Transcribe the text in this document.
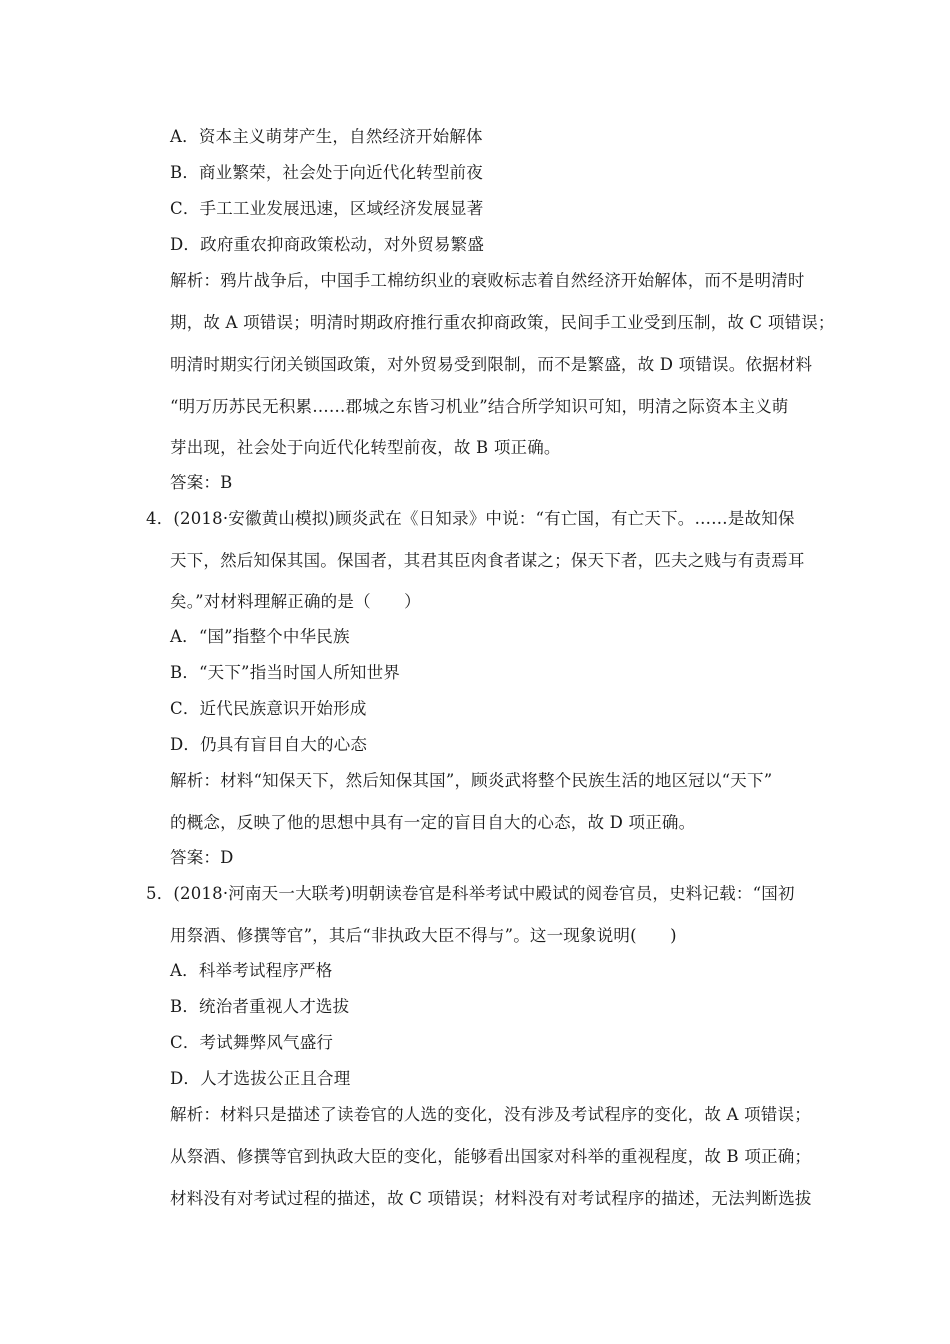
A．资本主义萌芽产生，自然经济开始解体
B．商业繁荣，社会处于向近代化转型前夜
C．手工工业发展迅速，区域经济发展显著
D．政府重农抑商政策松动，对外贸易繁盛
解析：鸦片战争后，中国手工棉纺织业的衰败标志着自然经济开始解体，而不是明清时
期，故 A 项错误；明清时期政府推行重农抑商政策，民间手工业受到压制，故 C 项错误；
明清时期实行闭关锁国政策，对外贸易受到限制，而不是繁盛，故 D 项错误。依据材料
“明万历苏民无积累……郡城之东皆习机业”结合所学知识可知，明清之际资本主义萌
芽出现，社会处于向近代化转型前夜，故 B 项正确。
答案：B
4．(2018·安徽黄山模拟)顾炎武在《日知录》中说：“有亡国，有亡天下。……是故知保
天下，然后知保其国。保国者，其君其臣肉食者谋之；保天下者，匹夫之贱与有责焉耳
矣。”对材料理解正确的是（　　）
A．“国”指整个中华民族
B．“天下”指当时国人所知世界
C．近代民族意识开始形成
D．仍具有盲目自大的心态
解析：材料“知保天下，然后知保其国”，顾炎武将整个民族生活的地区冠以“天下”
的概念，反映了他的思想中具有一定的盲目自大的心态，故 D 项正确。
答案：D
5．(2018·河南天一大联考)明朝读卷官是科举考试中殿试的阅卷官员，史料记载：“国初
用祭酒、修撰等官”，其后“非执政大臣不得与”。这一现象说明(　　)
A．科举考试程序严格
B．统治者重视人才选拔
C．考试舞弊风气盛行
D．人才选拔公正且合理
解析：材料只是描述了读卷官的人选的变化，没有涉及考试程序的变化，故 A 项错误；
从祭酒、修撰等官到执政大臣的变化，能够看出国家对科举的重视程度，故 B 项正确；
材料没有对考试过程的描述，故 C 项错误；材料没有对考试程序的描述，无法判断选拔
